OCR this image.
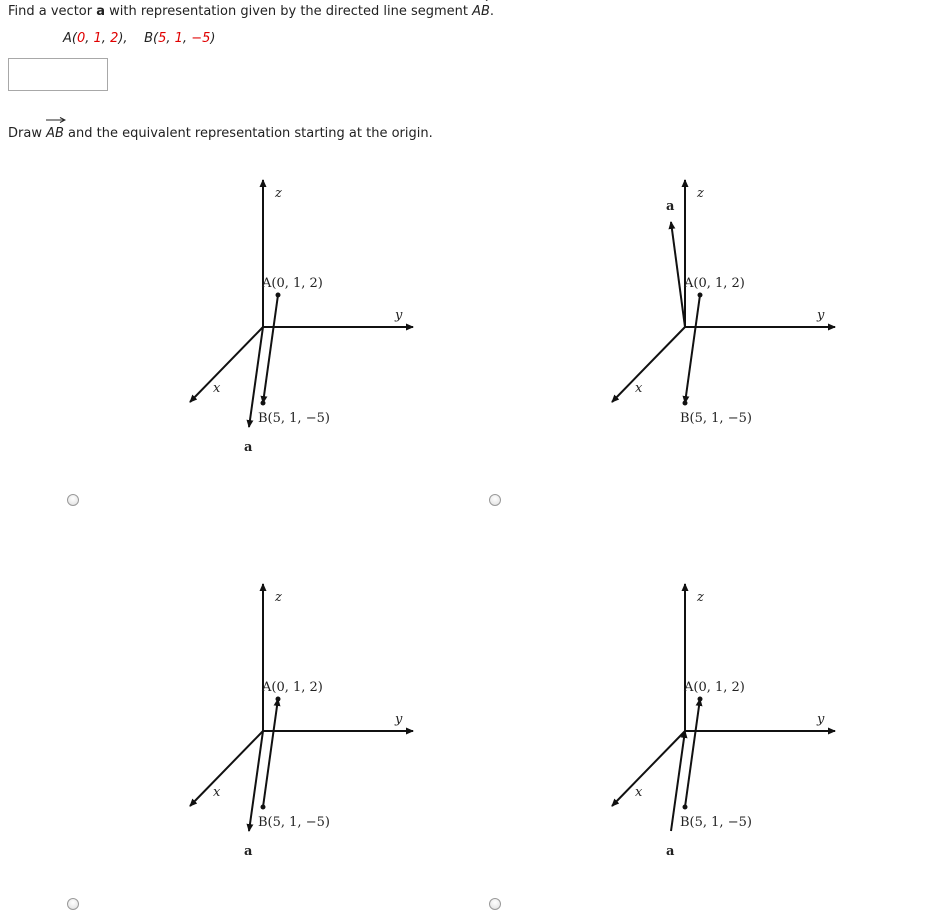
Find a vector a with representation given by the directed line segment
AB.
A(0, 1, 2), B(5, 1, −5)
Draw
AB and the equivalent representation starting at the origin.
z
y
x
A(0, 1, 2)
B(5, 1, −5)
a
z
y
x
A(0, 1, 2)
B(5, 1, −5)
a
z
y
x
A(0, 1, 2)
B(5, 1, −5)
a
z
y
x
A(0, 1, 2)
B(5, 1, −5)
a
